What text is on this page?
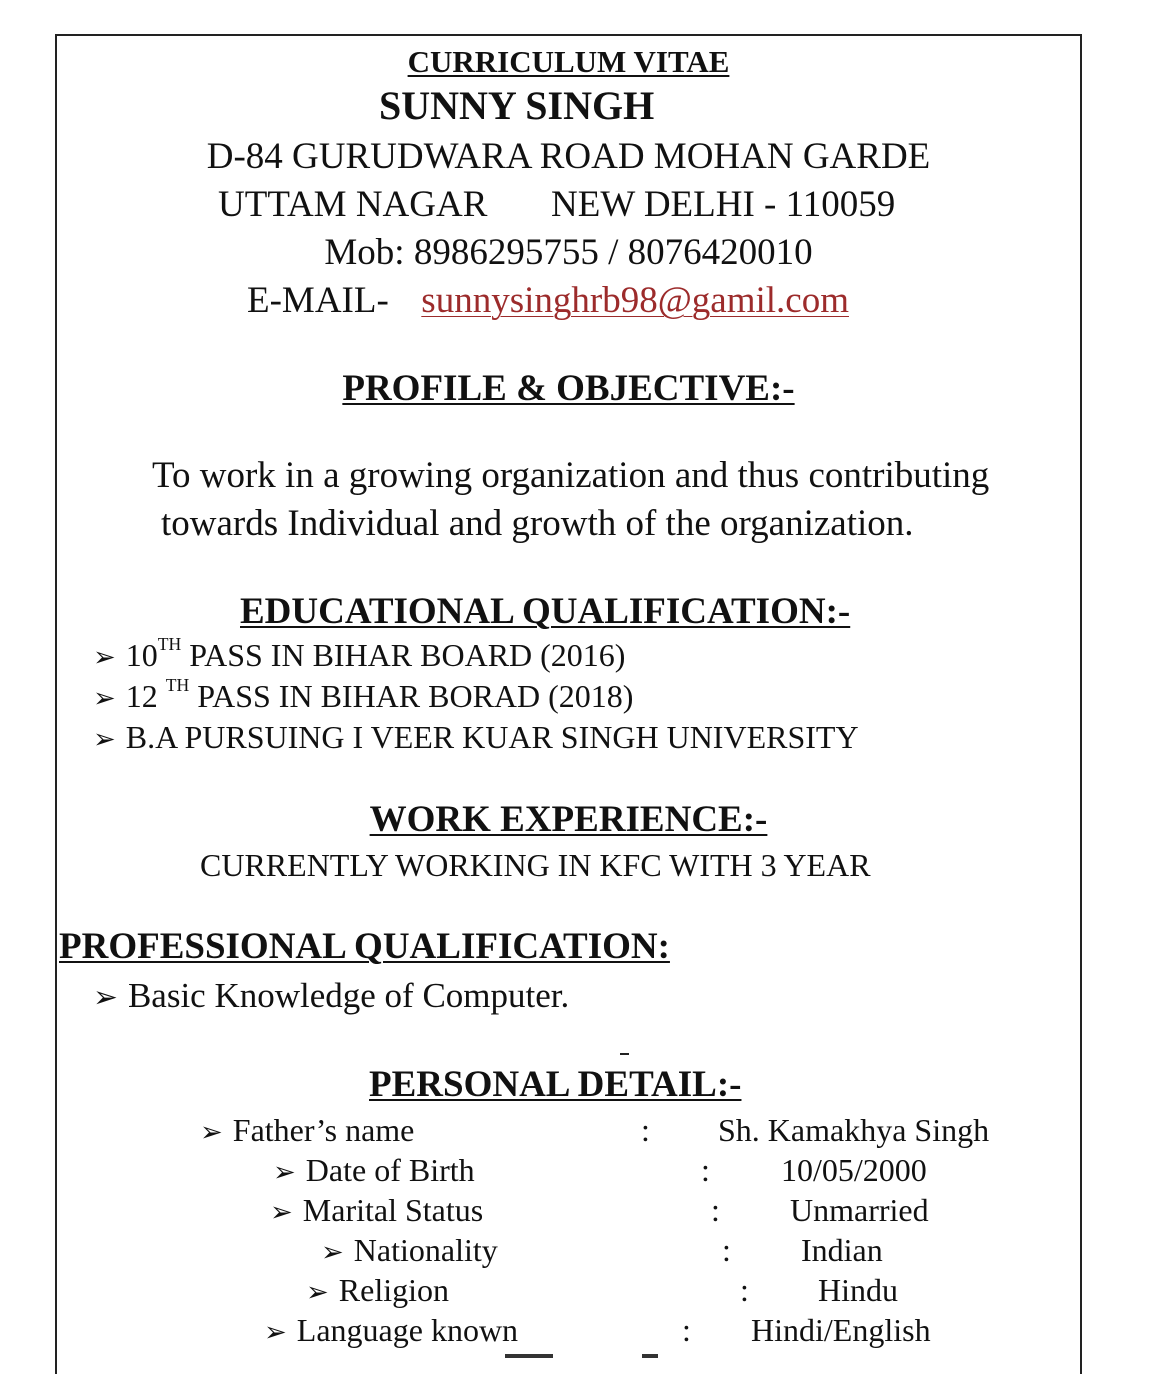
CURRICULUM VITAE
SUNNY SINGH
D-84 GURUDWARA ROAD MOHAN GARDE
UTTAM NAGAR NEW DELHI - 110059
Mob: 8986295755 / 8076420010
E-MAIL- sunnysinghrb98@gamil.com
PROFILE & OBJECTIVE:-
To work in a growing organization and thus contributing
towards Individual and growth of the organization.
EDUCATIONAL QUALIFICATION:-
➢ 10TH PASS IN BIHAR BOARD (2016)
➢ 12 $^{TH}$ PASS IN BIHAR BORAD (2018)
➢ B.A PURSUING I VEER KUAR SINGH UNIVERSITY
WORK EXPERIENCE:-
CURRENTLY WORKING IN KFC WITH 3 YEAR
PROFESSIONAL QUALIFICATION:
➢ Basic Knowledge of Computer.
PERSONAL DETAIL:-
➢ Father’s name	: Sh. Kamakhya Singh
➢ Date of Birth	: 10/05/2000
➢ Marital Status	: Unmarried
➢ Nationality	: Indian
➢ Religion	: Hindu
➢ Language known	: Hindi/English
